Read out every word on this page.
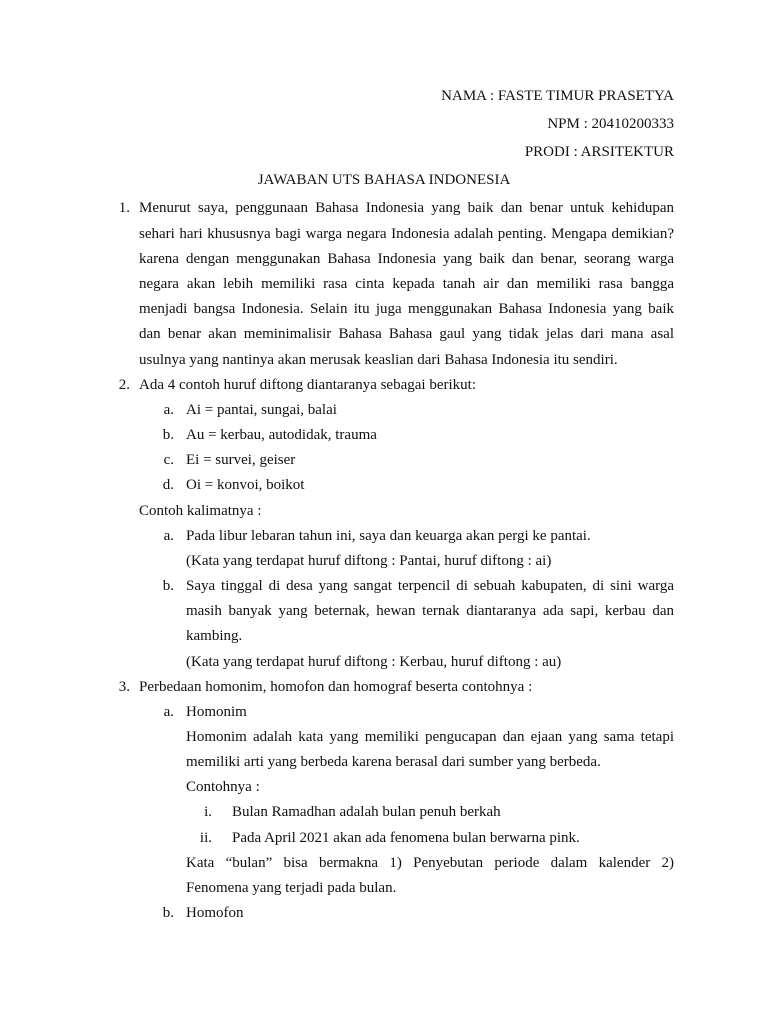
NAMA : FASTE TIMUR PRASETYA
NPM : 20410200333
PRODI : ARSITEKTUR
JAWABAN UTS BAHASA INDONESIA
1. Menurut saya, penggunaan Bahasa Indonesia yang baik dan benar untuk kehidupan
sehari hari khususnya bagi warga negara Indonesia adalah penting. Mengapa demikian?
karena dengan menggunakan Bahasa Indonesia yang baik dan benar, seorang warga
negara akan lebih memiliki rasa cinta kepada tanah air dan memiliki rasa bangga
menjadi bangsa Indonesia. Selain itu juga menggunakan Bahasa Indonesia yang baik
dan benar akan meminimalisir Bahasa Bahasa gaul yang tidak jelas dari mana asal
usulnya yang nantinya akan merusak keaslian dari Bahasa Indonesia itu sendiri.
2. Ada 4 contoh huruf diftong diantaranya sebagai berikut:
a. Ai = pantai, sungai, balai
b. Au = kerbau, autodidak, trauma
c. Ei = survei, geiser
d. Oi = konvoi, boikot
Contoh kalimatnya :
a. Pada libur lebaran tahun ini, saya dan keuarga akan pergi ke pantai.
(Kata yang terdapat huruf diftong : Pantai, huruf diftong : ai)
b. Saya tinggal di desa yang sangat terpencil di sebuah kabupaten, di sini warga
masih banyak yang beternak, hewan ternak diantaranya ada sapi, kerbau dan
kambing.
(Kata yang terdapat huruf diftong : Kerbau, huruf diftong : au)
3. Perbedaan homonim, homofon dan homograf beserta contohnya :
a. Homonim
Homonim adalah kata yang memiliki pengucapan dan ejaan yang sama tetapi
memiliki arti yang berbeda karena berasal dari sumber yang berbeda.
Contohnya :
i. Bulan Ramadhan adalah bulan penuh berkah
ii. Pada April 2021 akan ada fenomena bulan berwarna pink.
Kata “bulan” bisa bermakna 1) Penyebutan periode dalam kalender 2)
Fenomena yang terjadi pada bulan.
b. Homofon
